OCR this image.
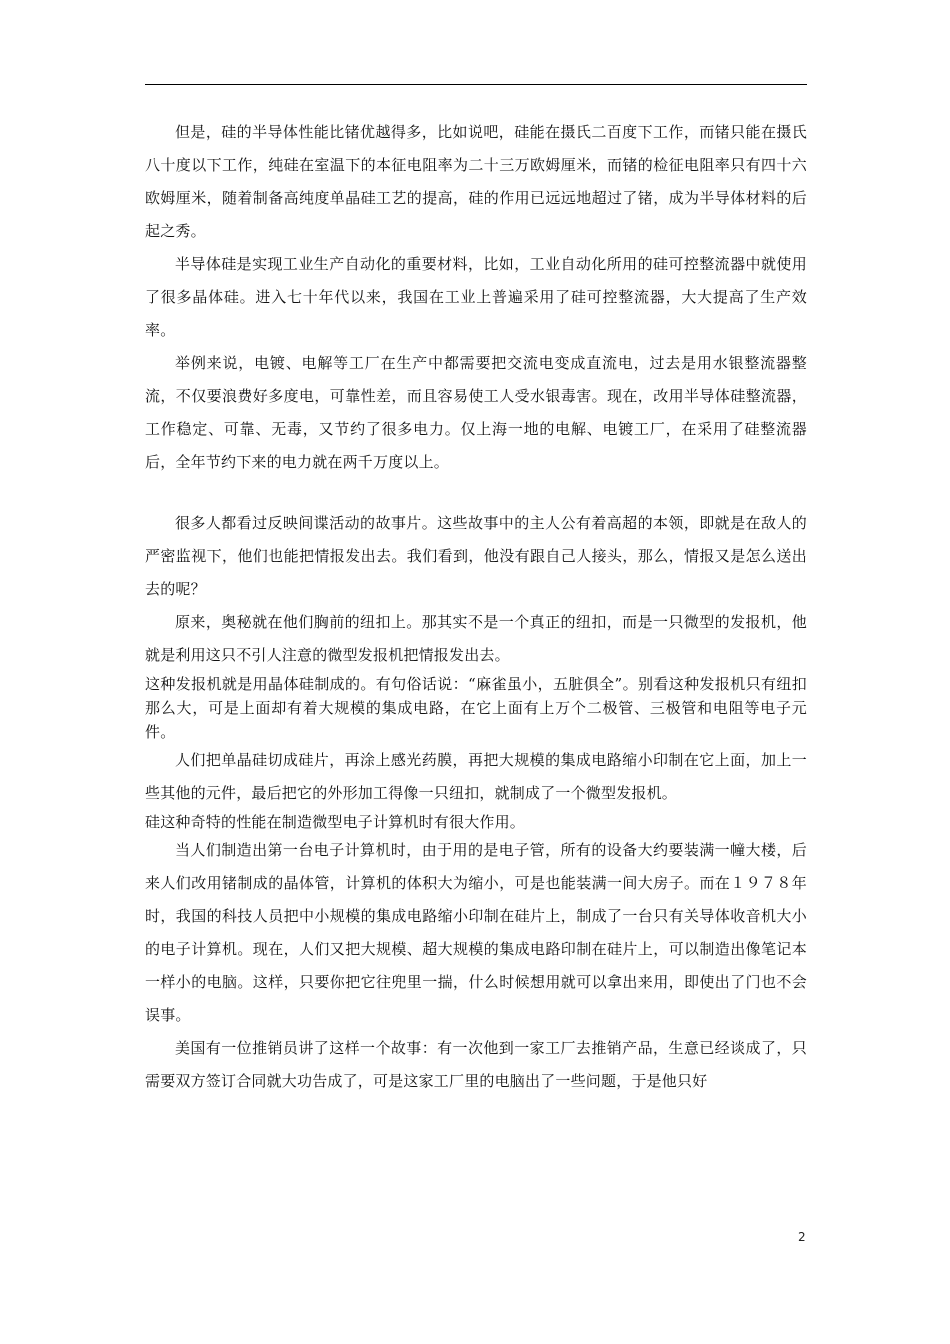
但是，硅的半导体性能比锗优越得多，比如说吧，硅能在摄氏二百度下工作，而锗只能在摄氏八十度以下工作，纯硅在室温下的本征电阻率为二十三万欧姆厘米，而锗的检征电阻率只有四十六欧姆厘米，随着制备高纯度单晶硅工艺的提高，硅的作用已远远地超过了锗，成为半导体材料的后起之秀。

半导体硅是实现工业生产自动化的重要材料，比如，工业自动化所用的硅可控整流器中就使用了很多晶体硅。进入七十年代以来，我国在工业上普遍采用了硅可控整流器，大大提高了生产效率。

举例来说，电镀、电解等工厂在生产中都需要把交流电变成直流电，过去是用水银整流器整流，不仅要浪费好多度电，可靠性差，而且容易使工人受水银毒害。现在，改用半导体硅整流器，工作稳定、可靠、无毒，又节约了很多电力。仅上海一地的电解、电镀工厂，在采用了硅整流器后，全年节约下来的电力就在两千万度以上。

很多人都看过反映间谍活动的故事片。这些故事中的主人公有着高超的本领，即就是在敌人的严密监视下，他们也能把情报发出去。我们看到，他没有跟自己人接头，那么，情报又是怎么送出去的呢？

原来，奥秘就在他们胸前的纽扣上。那其实不是一个真正的纽扣，而是一只微型的发报机，他就是利用这只不引人注意的微型发报机把情报发出去。

这种发报机就是用晶体硅制成的。有句俗话说：“麻雀虽小，五脏俱全”。别看这种发报机只有纽扣那么大，可是上面却有着大规模的集成电路，在它上面有上万个二极管、三极管和电阻等电子元件。

人们把单晶硅切成硅片，再涂上感光药膜，再把大规模的集成电路缩小印制在它上面，加上一些其他的元件，最后把它的外形加工得像一只纽扣，就制成了一个微型发报机。

硅这种奇特的性能在制造微型电子计算机时有很大作用。

当人们制造出第一台电子计算机时，由于用的是电子管，所有的设备大约要装满一幢大楼，后来人们改用锗制成的晶体管，计算机的体积大为缩小，可是也能装满一间大房子。而在１９７８年时，我国的科技人员把中小规模的集成电路缩小印制在硅片上，制成了一台只有关导体收音机大小的电子计算机。现在，人们又把大规模、超大规模的集成电路印制在硅片上，可以制造出像笔记本一样小的电脑。这样，只要你把它往兜里一揣，什么时候想用就可以拿出来用，即使出了门也不会误事。

美国有一位推销员讲了这样一个故事：有一次他到一家工厂去推销产品，生意已经谈成了，只需要双方签订合同就大功告成了，可是这家工厂里的电脑出了一些问题，于是他只好

2
